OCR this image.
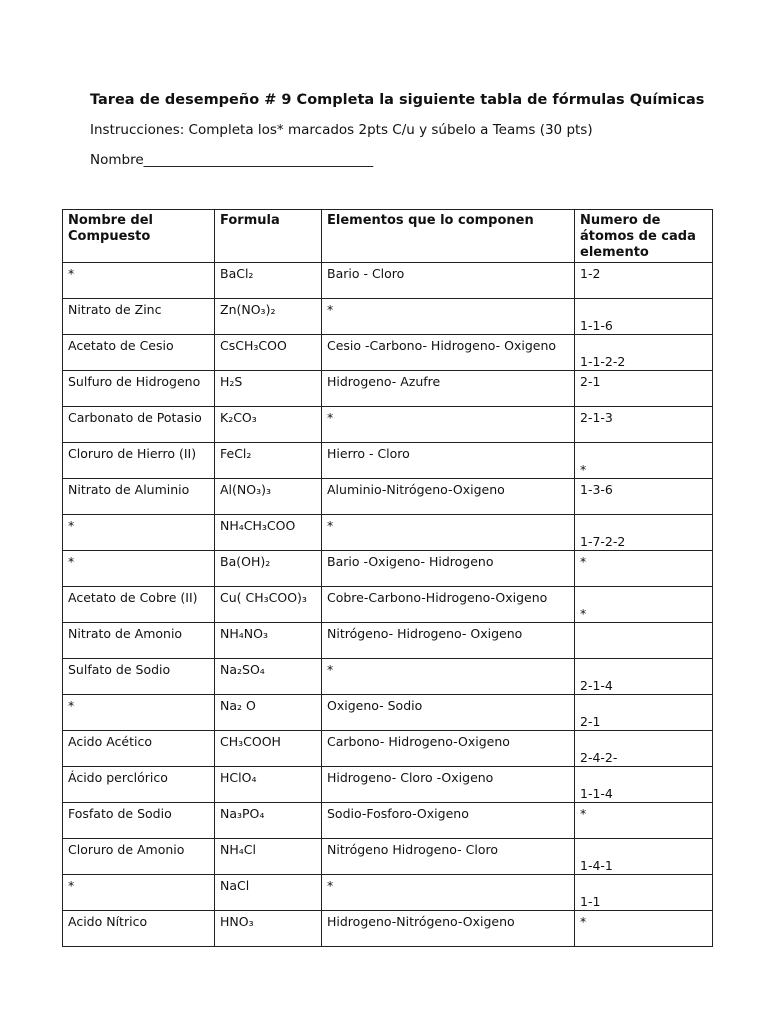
Tarea de desempeño # 9 Completa la siguiente tabla de fórmulas Químicas
Instrucciones: Completa los* marcados 2pts C/u y súbelo a Teams (30 pts)
Nombre__________________________________
Nombre del Compuesto	Formula	Elementos que lo componen	Numero de átomos de cada elemento
*	BaCl₂	Bario - Cloro	1-2
Nitrato de Zinc	Zn(NO₃)₂	*	1-1-6
Acetato de Cesio	CsCH₃COO	Cesio -Carbono- Hidrogeno- Oxigeno	1-1-2-2
Sulfuro de Hidrogeno	H₂S	Hidrogeno- Azufre	2-1
Carbonato de Potasio	K₂CO₃	*	2-1-3
Cloruro de Hierro (II)	FeCl₂	Hierro - Cloro	*
Nitrato de Aluminio	Al(NO₃)₃	Aluminio-Nitrógeno-Oxigeno	1-3-6
*	NH₄CH₃COO	*	1-7-2-2
*	Ba(OH)₂	Bario -Oxigeno- Hidrogeno	*
Acetato de Cobre (II)	Cu( CH₃COO)₃	Cobre-Carbono-Hidrogeno-Oxigeno	*
Nitrato de Amonio	NH₄NO₃	Nitrógeno- Hidrogeno- Oxigeno	
Sulfato de Sodio	Na₂SO₄	*	2-1-4
*	Na₂ O	Oxigeno- Sodio	2-1
Acido Acético	CH₃COOH	Carbono- Hidrogeno-Oxigeno	2-4-2-
Ácido perclórico	HClO₄	Hidrogeno- Cloro -Oxigeno	1-1-4
Fosfato de Sodio	Na₃PO₄	Sodio-Fosforo-Oxigeno	*
Cloruro de Amonio	NH₄Cl	Nitrógeno Hidrogeno- Cloro	1-4-1
*	NaCl	*	1-1
Acido Nítrico	HNO₃	Hidrogeno-Nitrógeno-Oxigeno	*
